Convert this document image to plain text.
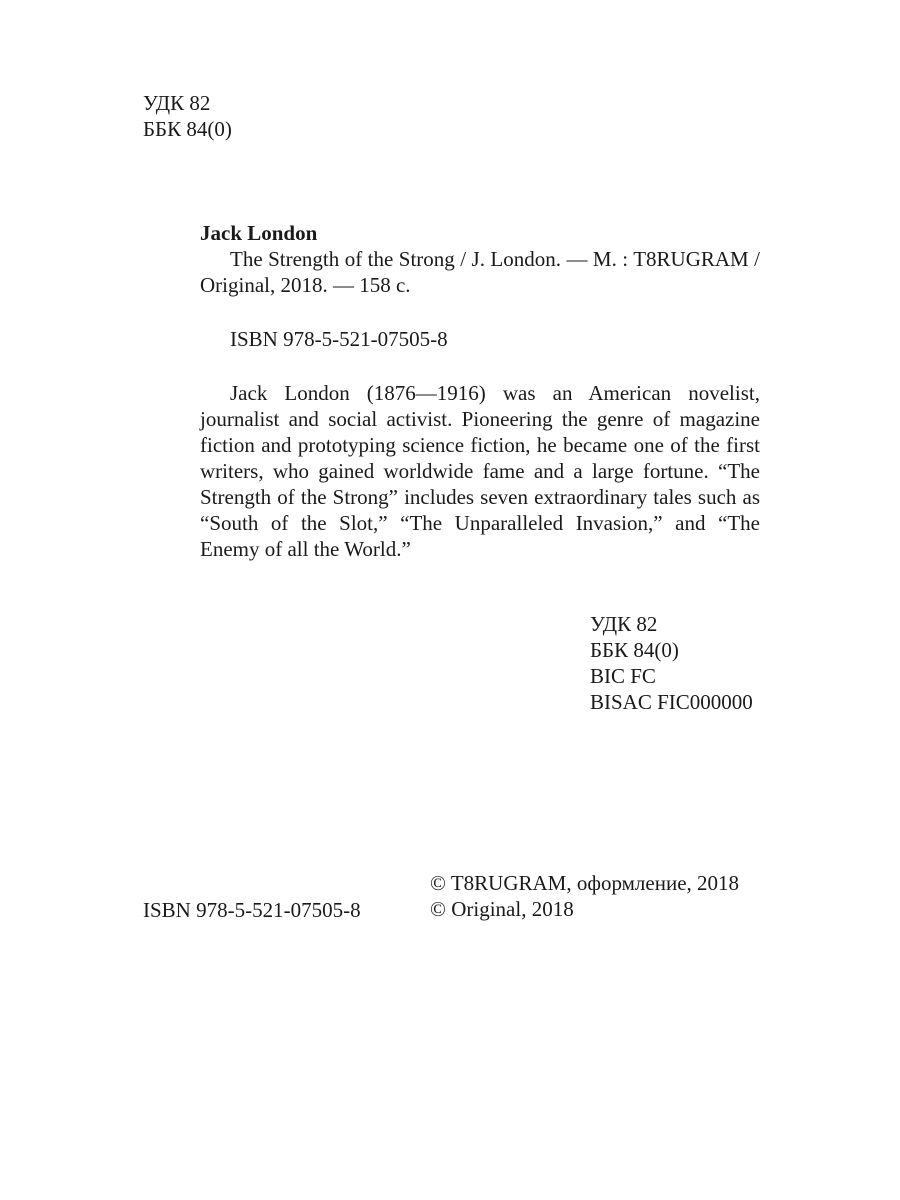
УДК 82
ББК 84(0)
Jack London
The Strength of the Strong / J. London. — M. : T8RUGRAM / Original, 2018. — 158 c.
ISBN 978-5-521-07505-8
Jack London (1876—1916) was an American novelist, journalist and social activist. Pioneering the genre of magazine fiction and prototyping science fiction, he became one of the first writers, who gained worldwide fame and a large fortune. “The Strength of the Strong” includes seven extraordinary tales such as “South of the Slot,” “The Unparalleled Invasion,” and “The Enemy of all the World.”
УДК 82
ББК 84(0)
BIC FC
BISAC FIC000000
ISBN 978-5-521-07505-8
© T8RUGRAM, оформление, 2018
© Original, 2018
